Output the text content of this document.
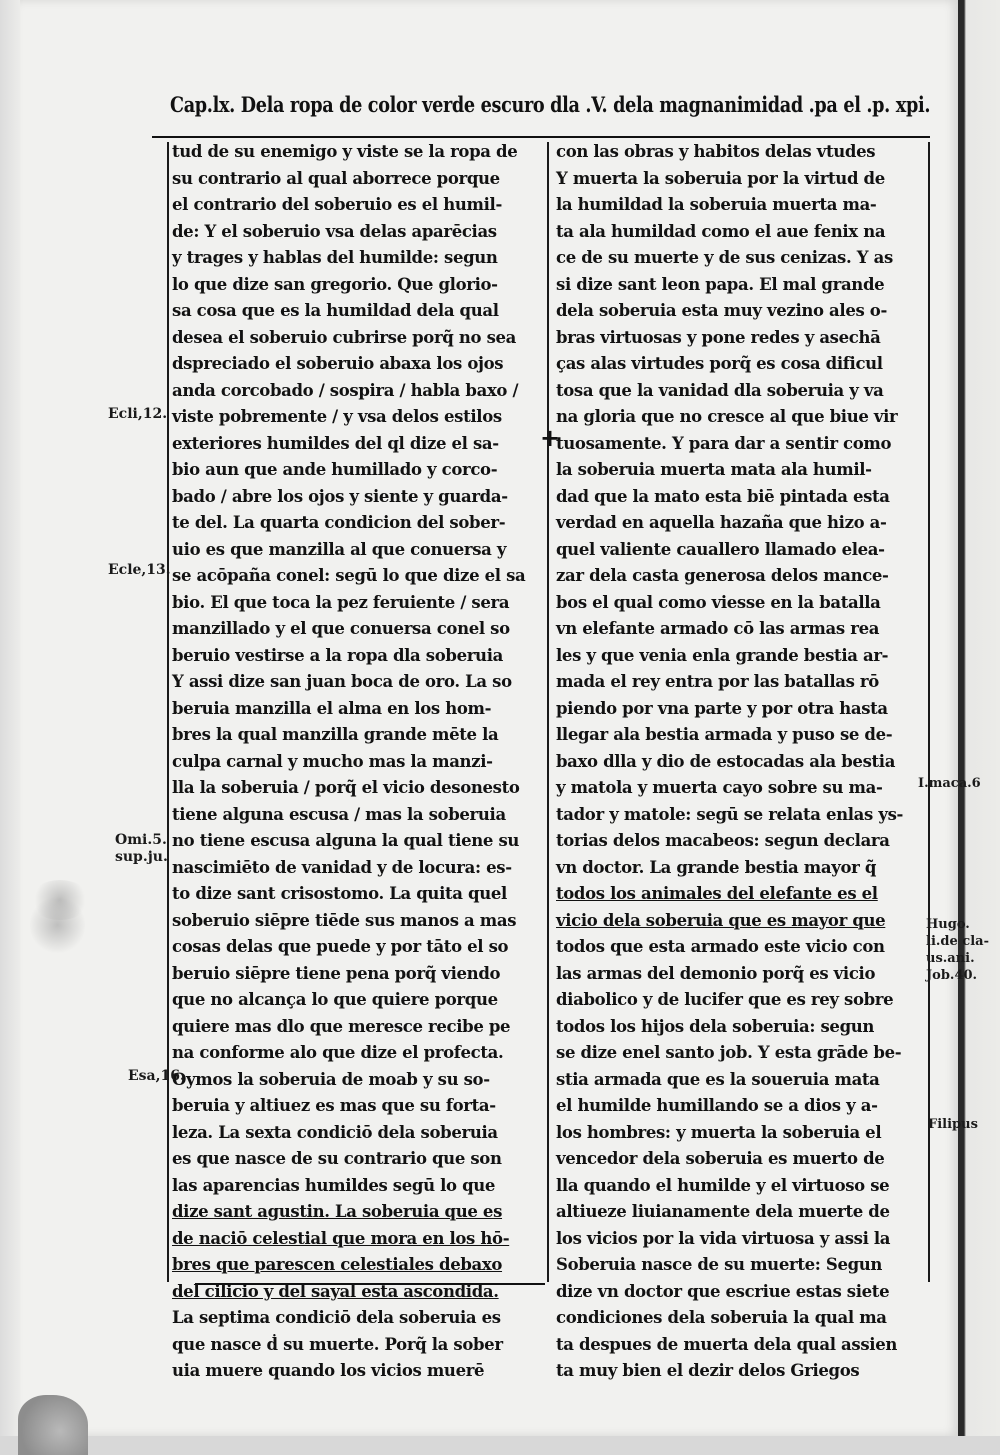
Cap.lx. Dela ropa de color verde escuro dla .V. dela magnanimidad .pa el .p. xpi.
+
tud de su enemigo y viste se la ropa de
su contrario al qual aborrece porque
el contrario del soberuio es el humil-
de: Y el soberuio vsa delas aparēcias
y trages y hablas del humilde: segun
lo que dize san gregorio. Que glorio-
sa cosa que es la humildad dela qual
desea el soberuio cubrirse porq̃ no sea
dspreciado el soberuio abaxa los ojos
anda corcobado / sospira / habla baxo /
viste pobremente / y vsa delos estilos
exteriores humildes del ql dize el sa-
bio aun que ande humillado y corco-
bado / abre los ojos y siente y guarda-
te del. La quarta condicion del sober-
uio es que manzilla al que conuersa y
se acōpaña conel: segū lo que dize el sa
bio. El que toca la pez feruiente / sera
manzillado y el que conuersa conel so
beruio vestirse a la ropa dla soberuia
Y assi dize san juan boca de oro. La so
beruia manzilla el alma en los hom-
bres la qual manzilla grande mēte la
culpa carnal y mucho mas la manzi-
lla la soberuia / porq̃ el vicio desonesto
tiene alguna escusa / mas la soberuia
no tiene escusa alguna la qual tiene su
nascimiēto de vanidad y de locura: es-
to dize sant crisostomo. La quita quel
soberuio siēpre tiēde sus manos a mas
cosas delas que puede y por tāto el so
beruio siēpre tiene pena porq̃ viendo
que no alcança lo que quiere porque
quiere mas dlo que meresce recibe pe
na conforme alo que dize el profecta.
Oymos la soberuia de moab y su so-
beruia y altiuez es mas que su forta-
leza. La sexta condiciō dela soberuia
es que nasce de su contrario que son
las aparencias humildes segū lo que
dize sant agustin. La soberuia que es
de naciō celestial que mora en los hō-
bres que parescen celestiales debaxo
del cilicio y del sayal esta ascondida.
La septima condiciō dela soberuia es
que nasce ḋ su muerte. Porq̃ la sober
uia muere quando los vicios muerē
con las obras y habitos delas vtudes
Y muerta la soberuia por la virtud de
la humildad la soberuia muerta ma-
ta ala humildad como el aue fenix na
ce de su muerte y de sus cenizas. Y as
si dize sant leon papa. El mal grande
dela soberuia esta muy vezino ales o-
bras virtuosas y pone redes y asechā
ças alas virtudes porq̃ es cosa dificul
tosa que la vanidad dla soberuia y va
na gloria que no cresce al que biue vir
tuosamente. Y para dar a sentir como
la soberuia muerta mata ala humil-
dad que la mato esta biē pintada esta
verdad en aquella hazaña que hizo a-
quel valiente cauallero llamado elea-
zar dela casta generosa delos mance-
bos el qual como viesse en la batalla
vn elefante armado cō las armas rea
les y que venia enla grande bestia ar-
mada el rey entra por las batallas rō
piendo por vna parte y por otra hasta
llegar ala bestia armada y puso se de-
baxo dlla y dio de estocadas ala bestia
y matola y muerta cayo sobre su ma-
tador y matole: segū se relata enlas ys-
torias delos macabeos: segun declara
vn doctor. La grande bestia mayor q̃
todos los animales del elefante es el
vicio dela soberuia que es mayor que
todos que esta armado este vicio con
las armas del demonio porq̃ es vicio
diabolico y de lucifer que es rey sobre
todos los hijos dela soberuia: segun
se dize enel santo job. Y esta grāde be-
stia armada que es la soueruia mata
el humilde humillando se a dios y a-
los hombres: y muerta la soberuia el
vencedor dela soberuia es muerto de
lla quando el humilde y el virtuoso se
altiueze liuianamente dela muerte de
los vicios por la vida virtuosa y assi la
Soberuia nasce de su muerte: Segun
dize vn doctor que escriue estas siete
condiciones dela soberuia la qual ma
ta despues de muerta dela qual assien
ta muy bien el dezir delos Griegos
Ecli,12.
Ecle,13.
Omi.5.
sup.ju.
Esa,16.
I.maca.6
Hugo.
li.de cla-
us.ani.
Job.40.
Filipus
